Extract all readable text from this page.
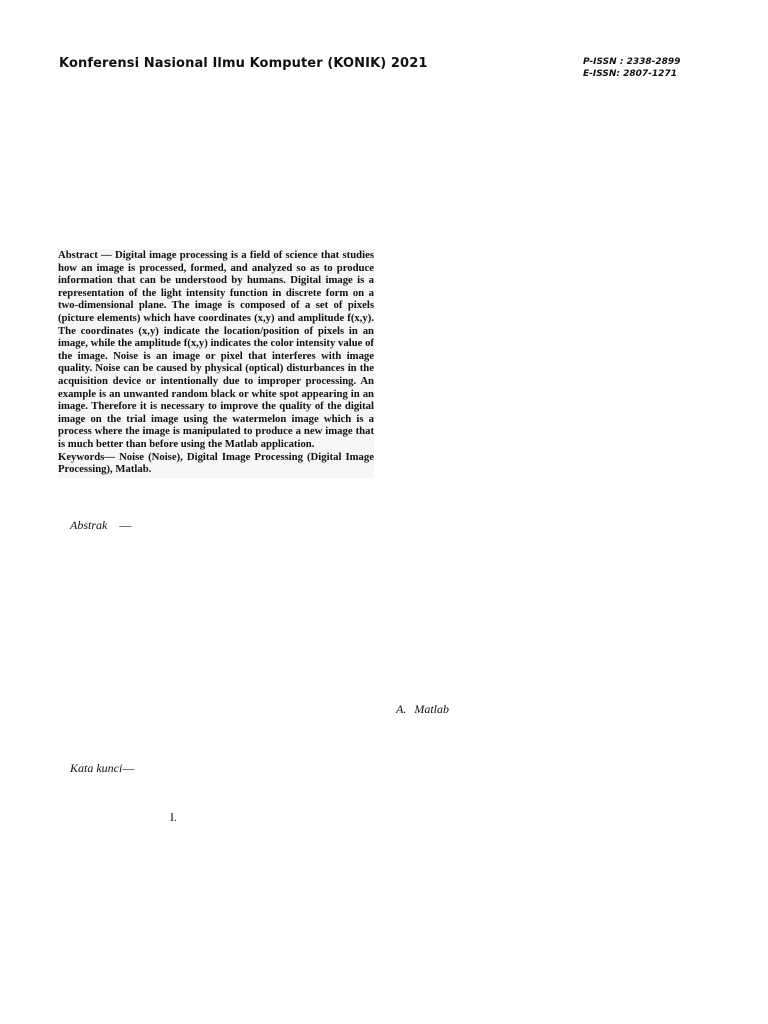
Konferensi Nasional Ilmu Komputer (KONIK) 2021	P-ISSN : 2338-2899
E-ISSN: 2807-1271

Abstract — Digital image processing is a field of science that studies how an image is processed, formed, and analyzed so as to produce information that can be understood by humans. Digital image is a representation of the light intensity function in discrete form on a two-dimensional plane. The image is composed of a set of pixels (picture elements) which have coordinates (x,y) and amplitude f(x,y). The coordinates (x,y) indicate the location/position of pixels in an image, while the amplitude f(x,y) indicates the color intensity value of the image. Noise is an image or pixel that interferes with image quality. Noise can be caused by physical (optical) disturbances in the acquisition device or intentionally due to improper processing. An example is an unwanted random black or white spot appearing in an image. Therefore it is necessary to improve the quality of the digital image on the trial image using the watermelon image which is a process where the image is manipulated to produce a new image that is much better than before using the Matlab application.

Keywords— Noise (Noise), Digital Image Processing (Digital Image Processing), Matlab.

Abstrak —
A. Matlab
Kata kunci—
I.
